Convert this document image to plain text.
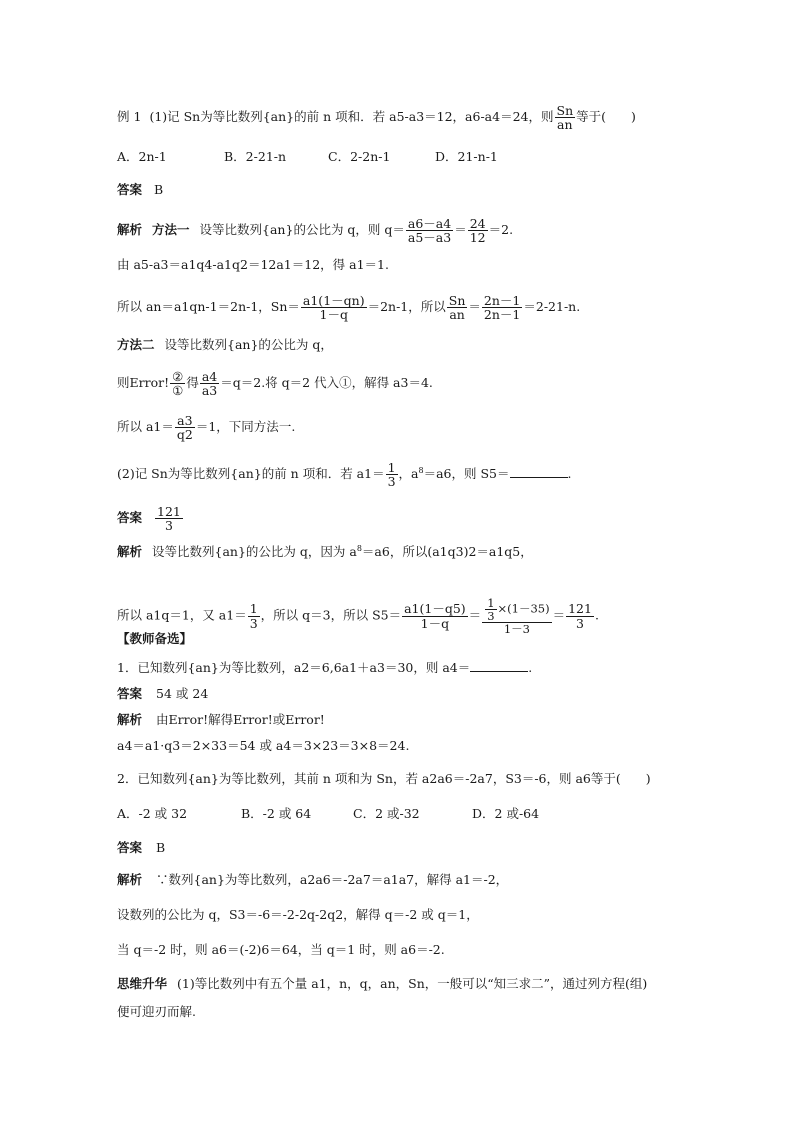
例 1 (1)记 Sn为等比数列{an}的前 n 项和．若 a5-a3＝12，a6-a4＝24，则 $\frac{Sn}{an}$ 等于(　　)
A．2n-1	B．2-21-n	C．2-2n-1	D．21-n-1
答案 B
解析 方法一 设等比数列{an}的公比为 q，则 $q= \frac{a6-a4}{a5-a3} = \frac{24}{12} =2$.
由 a5-a3＝a1q4-a1q2＝12a1＝12，得 a1＝1.
所以 an＝a1qn-1＝2n-1，$Sn= \frac{a1(1-qn)}{1-q} =2n-1$，所以 $\frac{Sn}{an} = \frac{2n-1}{2n-1} =2-21-n$.
方法二 设等比数列{an}的公比为 q，
则Error! $\frac{\text{②}}{\text{①}}$ 得 $\frac{a4}{a3} =q=2$.将 q＝2 代入①，解得 a3＝4.
所以 $a1= \frac{a3}{q2} =1$，下同方法一.
(2)记 Sn为等比数列{an}的前 n 项和．若 $a1= \frac{1}{3}$ ，$a^8=a6$，则 S5＝	.
答案 $\frac{121}{3}$
解析 设等比数列{an}的公比为 q，因为 $a^8=a6$，所以(a1q3)2＝a1q5，
所以 a1q＝1，又 $a1= \frac{1}{3}$ ，所以 q＝3，所以 $S5= \frac{a1(1-q5)}{1-q} = \frac{\frac{1}{3} \times(1-35)}{1-3} = \frac{121}{3}$ .
【教师备选】
1．已知数列{an}为等比数列，a2＝6,6a1＋a3＝30，则 a4＝	.
答案 54 或 24
解析 由Error!解得Error!或Error!
a4＝a1·q3＝2×33＝54 或 a4＝3×23＝3×8＝24.
2．已知数列{an}为等比数列，其前 n 项和为 Sn，若 a2a6＝-2a7，S3＝-6，则 a6等于(　　)
A．-2 或 32	B．-2 或 64	C．2 或-32	D．2 或-64
答案 B
解析 ∵数列{an}为等比数列，a2a6＝-2a7＝a1a7，解得 a1＝-2，
设数列的公比为 q，S3＝-6＝-2-2q-2q2，解得 q＝-2 或 q＝1，
当 q＝-2 时，则 a6＝(-2)6＝64，当 q＝1 时，则 a6＝-2.
思维升华 (1)等比数列中有五个量 a1，n，q，an，Sn，一般可以“知三求二”，通过列方程(组)
便可迎刃而解.
